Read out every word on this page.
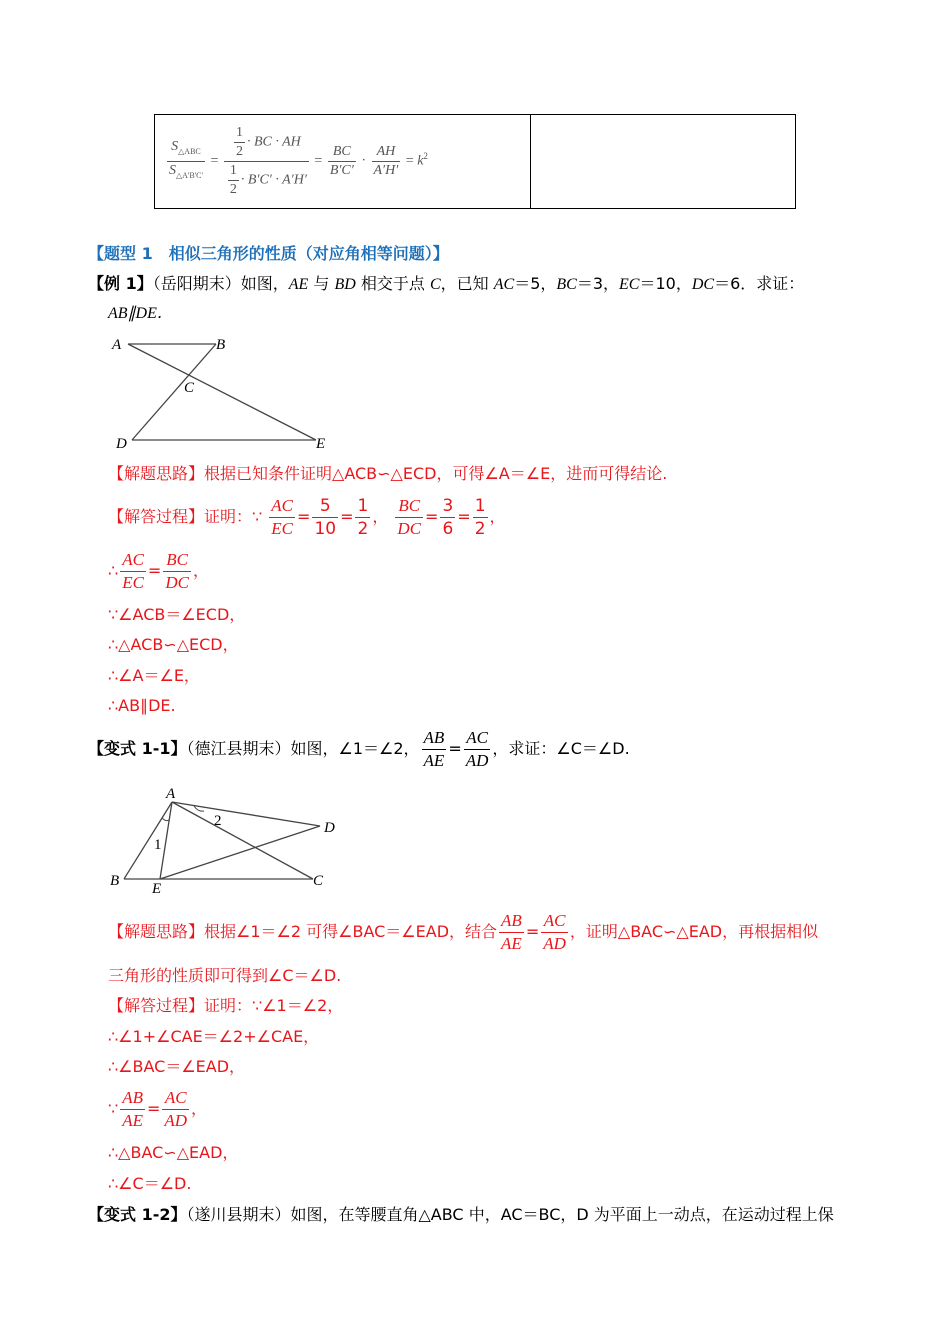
$\frac{S_{\triangle ABC}}{S_{\triangle A'B'C'}} = \frac{\frac{1}{2} \cdot BC \cdot AH}{\frac{1}{2} \cdot B'C' \cdot A'H'} = \frac{BC}{B'C'} \cdot \frac{AH}{A'H'} = k^2$

【题型 1　相似三角形的性质（对应角相等问题）】
【例 1】（岳阳期末）如图，AE 与 BD 相交于点 C，已知 AC＝5，BC＝3，EC＝10，DC＝6．求证：
AB∥DE．
A	B
C
D	E
【解题思路】根据已知条件证明△ACB∽△ECD，可得∠A＝∠E，进而可得结论.
【解答过程】证明：∵ $\frac{AC}{EC} = \frac{5}{10} = \frac{1}{2}$ ， $\frac{BC}{DC} = \frac{3}{6} = \frac{1}{2}$ ，
∴ $\frac{AC}{EC} = \frac{BC}{DC}$ ，
∵∠ACB＝∠ECD，
∴△ACB∽△ECD，
∴∠A＝∠E，
∴AB∥DE.
【变式 1-1】（德江县期末）如图，∠1＝∠2， $\frac{AB}{AE} = \frac{AC}{AD}$ ，求证：∠C＝∠D.
A
B	C
D
E
1
2
【解题思路】根据∠1＝∠2 可得∠BAC＝∠EAD，结合 $\frac{AB}{AE} = \frac{AC}{AD}$ ，证明△BAC∽△EAD，再根据相似
三角形的性质即可得到∠C＝∠D.
【解答过程】证明：∵∠1＝∠2，
∴∠1+∠CAE＝∠2+∠CAE，
∴∠BAC＝∠EAD，
∵ $\frac{AB}{AE} = \frac{AC}{AD}$ ，
∴△BAC∽△EAD，
∴∠C＝∠D.
【变式 1-2】（遂川县期末）如图，在等腰直角△ABC 中，AC＝BC，D 为平面上一动点，在运动过程上保
